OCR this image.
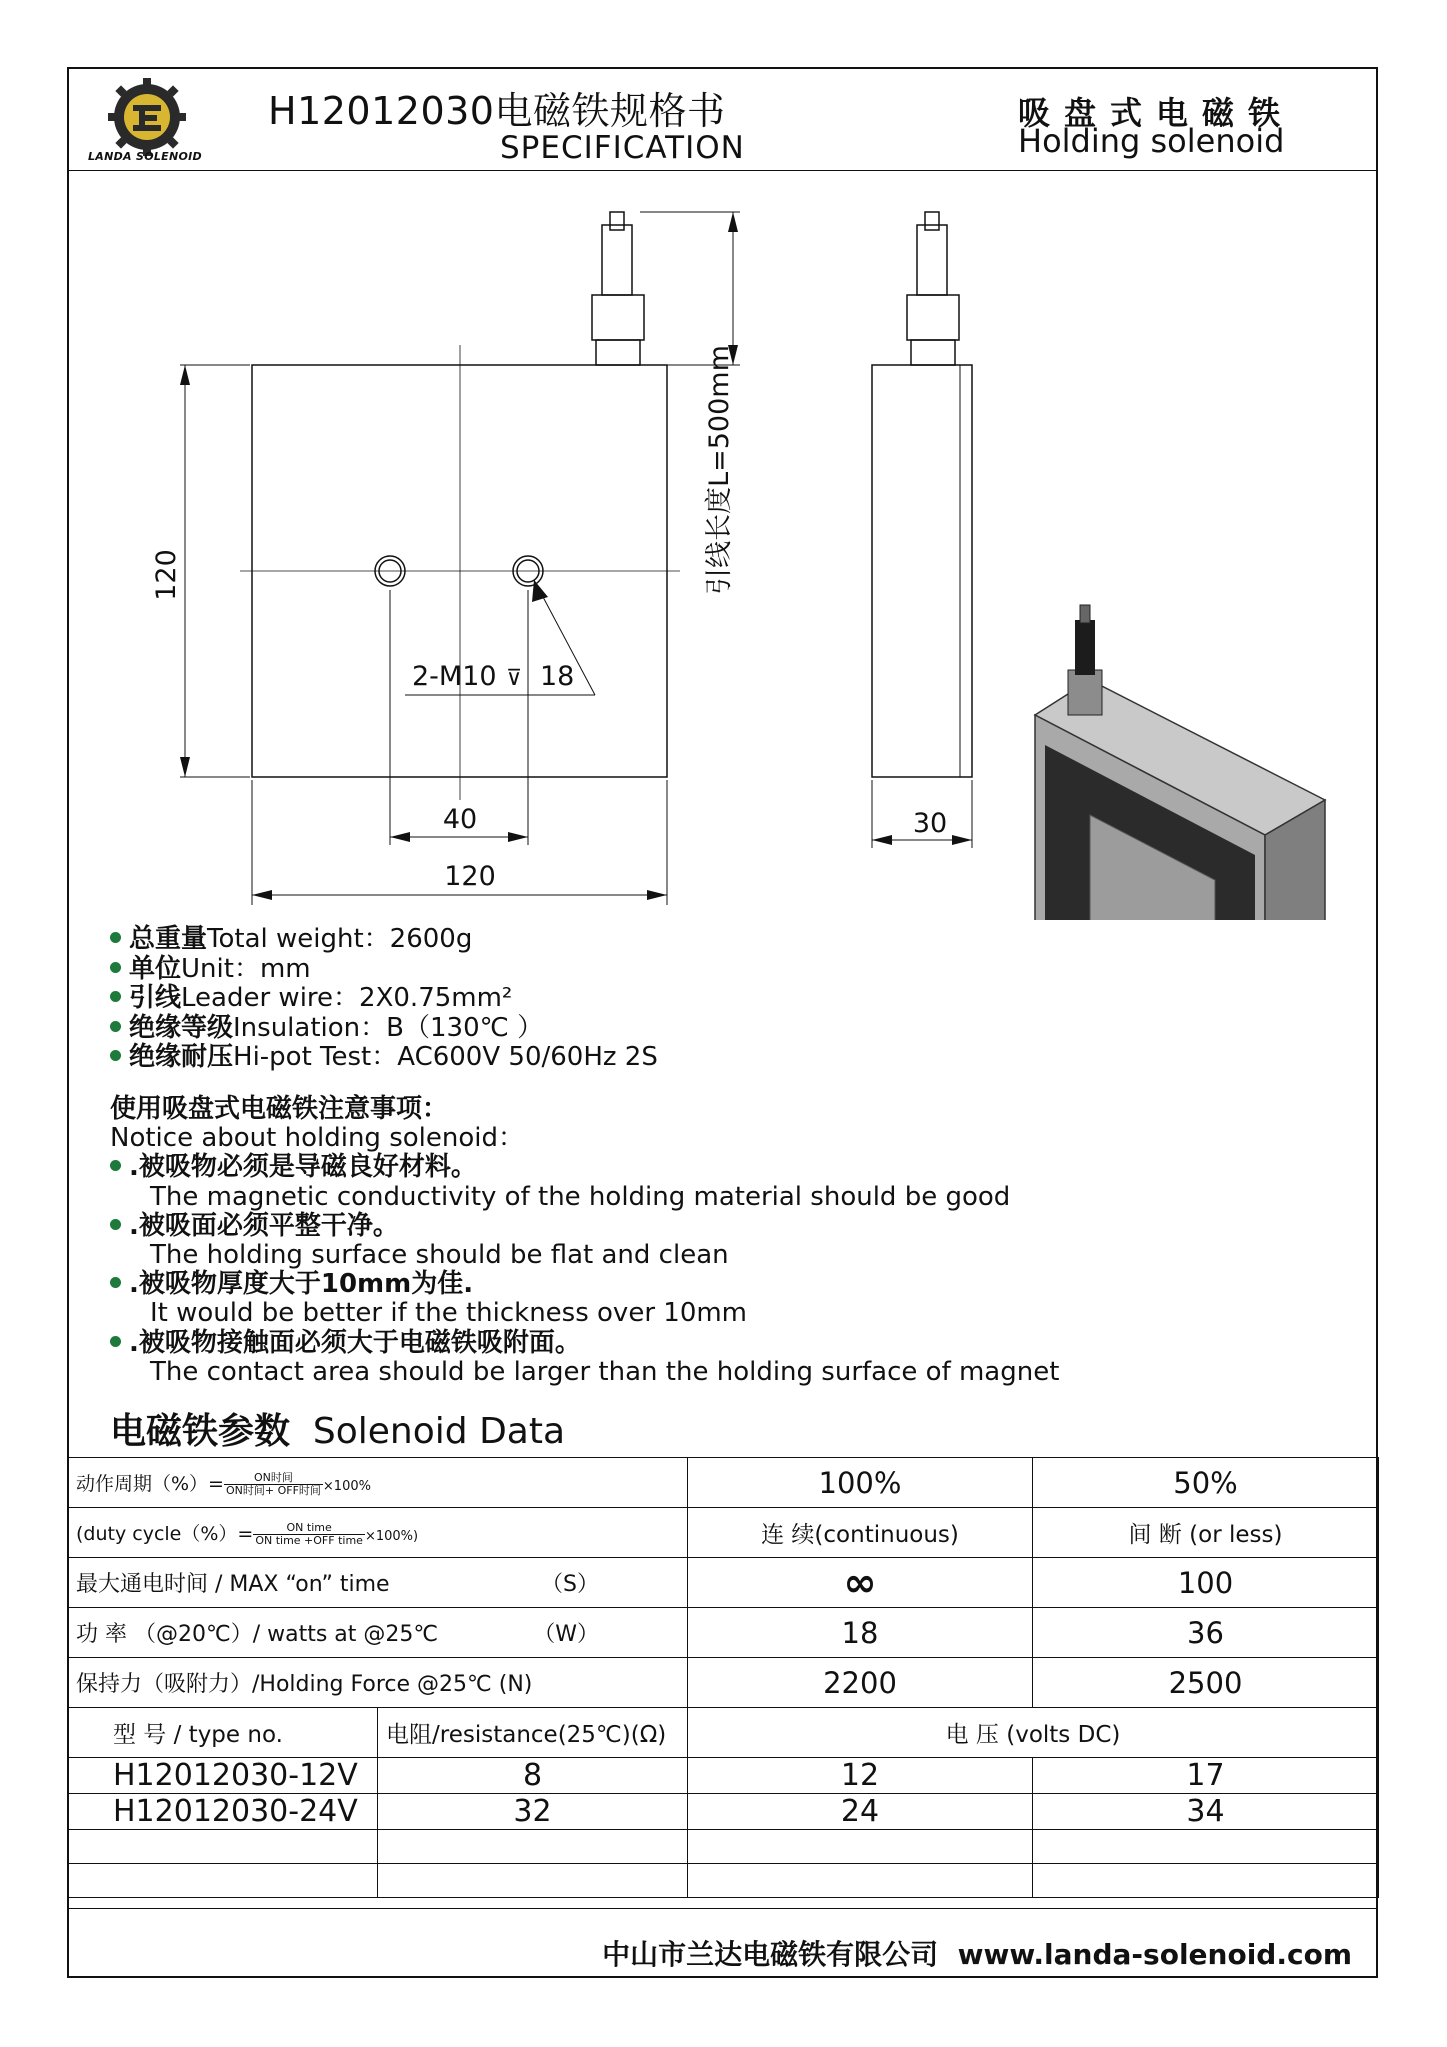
LANDA SOLENOID
H12012030电磁铁规格书
SPECIFICATION
吸盘式电磁铁
Holding solenoid
120
120
40	30
2-M10 ⊽ 18
引线长度L=500mm
总重量Total weight：2600g
单位Unit：mm
引线Leader wire：2X0.75mm²
绝缘等级Insulation：B（130℃ ）
绝缘耐压Hi-pot Test：AC600V 50/60Hz 2S
使用吸盘式电磁铁注意事项：
Notice about holding solenoid：
.被吸物必须是导磁良好材料。
The magnetic conductivity of the holding material should be good
.被吸面必须平整干净。
The holding surface should be flat and clean
.被吸物厚度大于10mm为佳.
It would be better if the thickness over 10mm
.被吸物接触面必须大于电磁铁吸附面。
The contact area should be larger than the holding surface of magnet
电磁铁参数 Solenoid Data
动作周期（%）= $\frac{\text{ON时间}}{\text{ON时间+ OFF时间}} \times 100\%$		100%	50%
(duty cycle（%）= $\frac{\text{ON time}}{\text{ON time +OFF time}} \times 100\%$)		连 续(continuous)	间 断 (or less)
最大通电时间 / MAX “on” time （S）		∞	100
功 率 （@20℃）/ watts at @25℃ （W）		18	36
保持力（吸附力）/Holding Force @25℃ (N)		2200	2500
型 号 / type no.	电阻/resistance(25℃)(Ω)	电 压 (volts DC)	
H12012030-12V	8	12	17
H12012030-24V	32	24	34

中山市兰达电磁铁有限公司 www.landa-solenoid.com
